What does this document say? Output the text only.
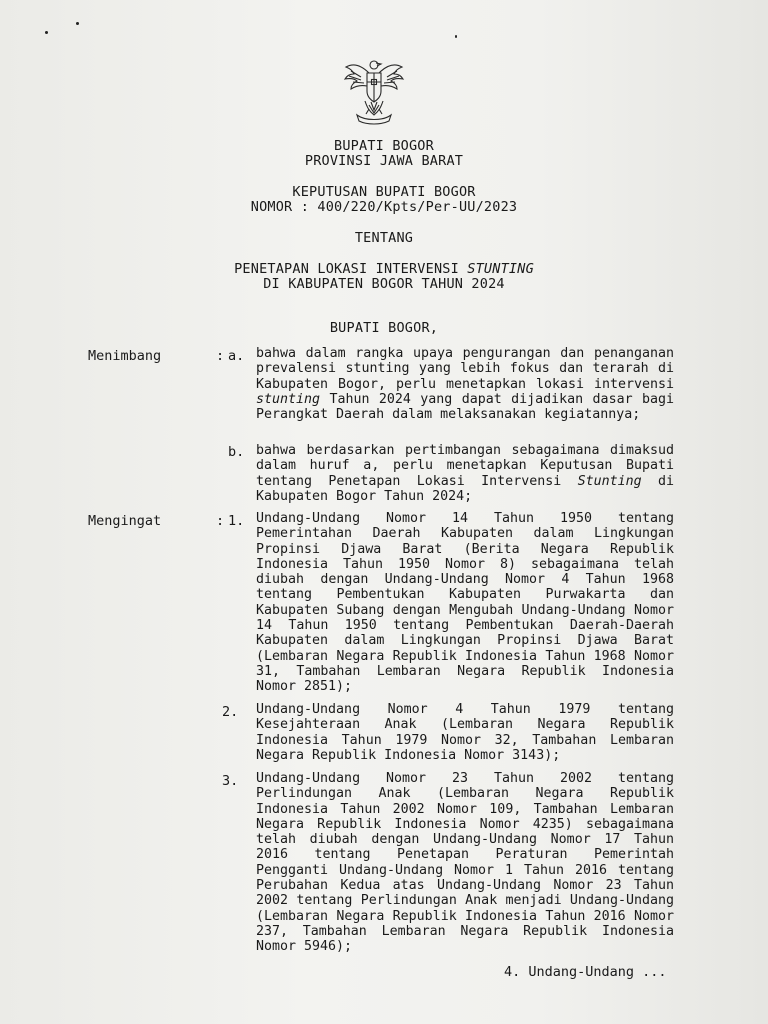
BUPATI BOGOR
PROVINSI JAWA BARAT
KEPUTUSAN BUPATI BOGOR
NOMOR : 400/220/Kpts/Per-UU/2023
TENTANG
PENETAPAN LOKASI INTERVENSI STUNTING
DI KABUPATEN BOGOR TAHUN 2024
BUPATI BOGOR,
Menimbang	: a. bahwa dalam rangka upaya pengurangan dan penanganan prevalensi stunting yang lebih fokus dan terarah di Kabupaten Bogor, perlu menetapkan lokasi intervensi stunting Tahun 2024 yang dapat dijadikan dasar bagi Perangkat Daerah dalam melaksanakan kegiatannya;
b. bahwa berdasarkan pertimbangan sebagaimana dimaksud dalam huruf a, perlu menetapkan Keputusan Bupati tentang Penetapan Lokasi Intervensi Stunting di Kabupaten Bogor Tahun 2024;
Mengingat	: 1. Undang-Undang Nomor 14 Tahun 1950 tentang Pemerintahan Daerah Kabupaten dalam Lingkungan Propinsi Djawa Barat (Berita Negara Republik Indonesia Tahun 1950 Nomor 8) sebagaimana telah diubah dengan Undang-Undang Nomor 4 Tahun 1968 tentang Pembentukan Kabupaten Purwakarta dan Kabupaten Subang dengan Mengubah Undang-Undang Nomor 14 Tahun 1950 tentang Pembentukan Daerah-Daerah Kabupaten dalam Lingkungan Propinsi Djawa Barat (Lembaran Negara Republik Indonesia Tahun 1968 Nomor 31, Tambahan Lembaran Negara Republik Indonesia Nomor 2851);
2. Undang-Undang Nomor 4 Tahun 1979 tentang Kesejahteraan Anak (Lembaran Negara Republik Indonesia Tahun 1979 Nomor 32, Tambahan Lembaran Negara Republik Indonesia Nomor 3143);
3. Undang-Undang Nomor 23 Tahun 2002 tentang Perlindungan Anak (Lembaran Negara Republik Indonesia Tahun 2002 Nomor 109, Tambahan Lembaran Negara Republik Indonesia Nomor 4235) sebagaimana telah diubah dengan Undang-Undang Nomor 17 Tahun 2016 tentang Penetapan Peraturan Pemerintah Pengganti Undang-Undang Nomor 1 Tahun 2016 tentang Perubahan Kedua atas Undang-Undang Nomor 23 Tahun 2002 tentang Perlindungan Anak menjadi Undang-Undang (Lembaran Negara Republik Indonesia Tahun 2016 Nomor 237, Tambahan Lembaran Negara Republik Indonesia Nomor 5946);
4. Undang-Undang ...
